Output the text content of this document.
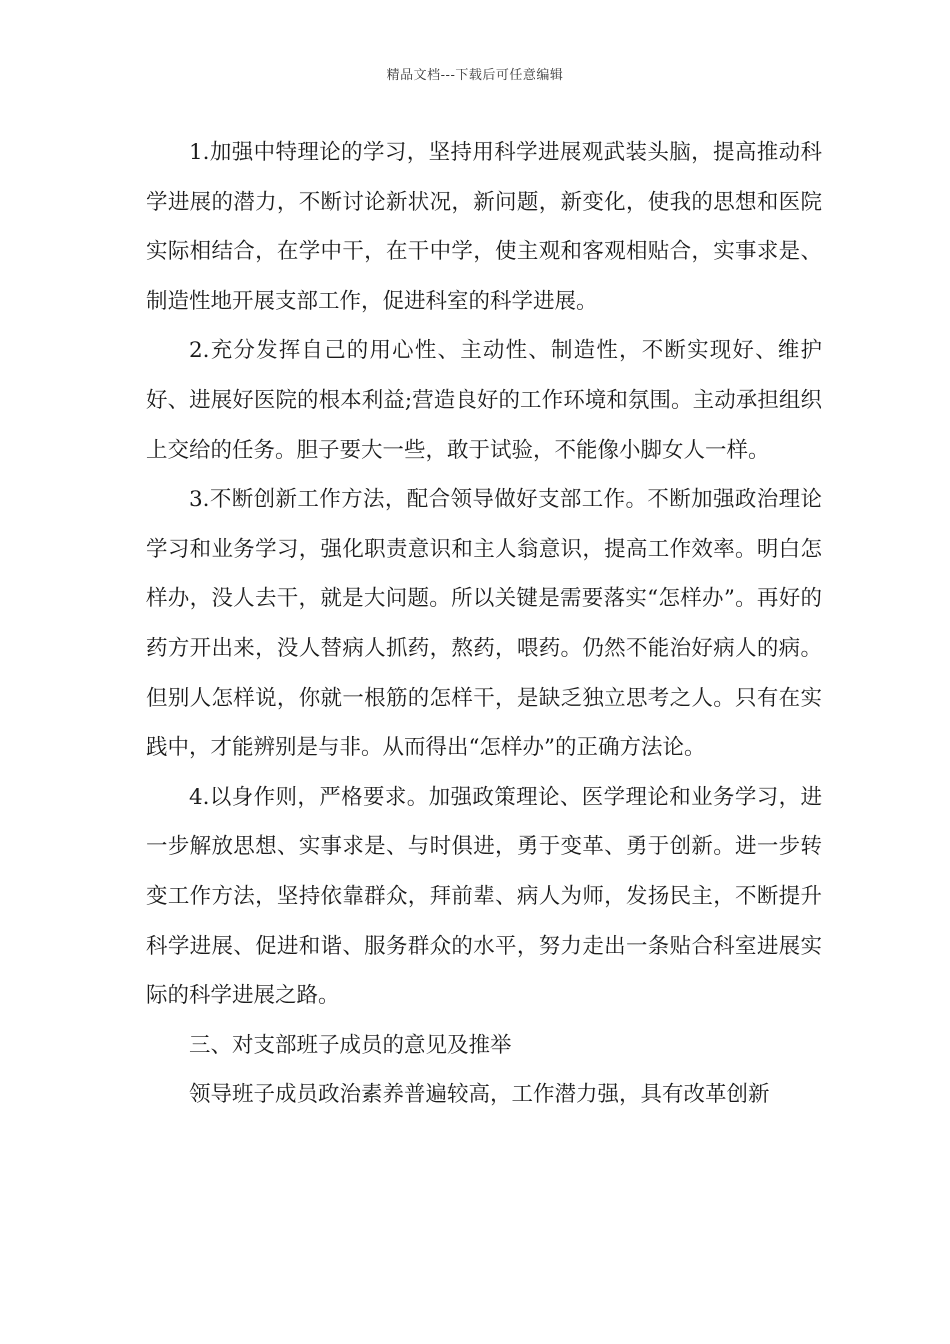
精品文档---下载后可任意编辑

1.加强中特理论的学习，坚持用科学进展观武装头脑，提高推动科学进展的潜力，不断讨论新状况，新问题，新变化，使我的思想和医院实际相结合，在学中干，在干中学，使主观和客观相贴合，实事求是、制造性地开展支部工作，促进科室的科学进展。

2.充分发挥自己的用心性、主动性、制造性，不断实现好、维护好、进展好医院的根本利益;营造良好的工作环境和氛围。主动承担组织上交给的任务。胆子要大一些，敢于试验，不能像小脚女人一样。

3.不断创新工作方法，配合领导做好支部工作。不断加强政治理论学习和业务学习，强化职责意识和主人翁意识，提高工作效率。明白怎样办，没人去干，就是大问题。所以关键是需要落实“怎样办”。再好的药方开出来，没人替病人抓药，熬药，喂药。仍然不能治好病人的病。但别人怎样说，你就一根筋的怎样干，是缺乏独立思考之人。只有在实践中，才能辨别是与非。从而得出“怎样办”的正确方法论。

4.以身作则，严格要求。加强政策理论、医学理论和业务学习，进一步解放思想、实事求是、与时俱进，勇于变革、勇于创新。进一步转变工作方法，坚持依靠群众，拜前辈、病人为师，发扬民主，不断提升科学进展、促进和谐、服务群众的水平，努力走出一条贴合科室进展实际的科学进展之路。

三、对支部班子成员的意见及推举

领导班子成员政治素养普遍较高，工作潜力强，具有改革创新
